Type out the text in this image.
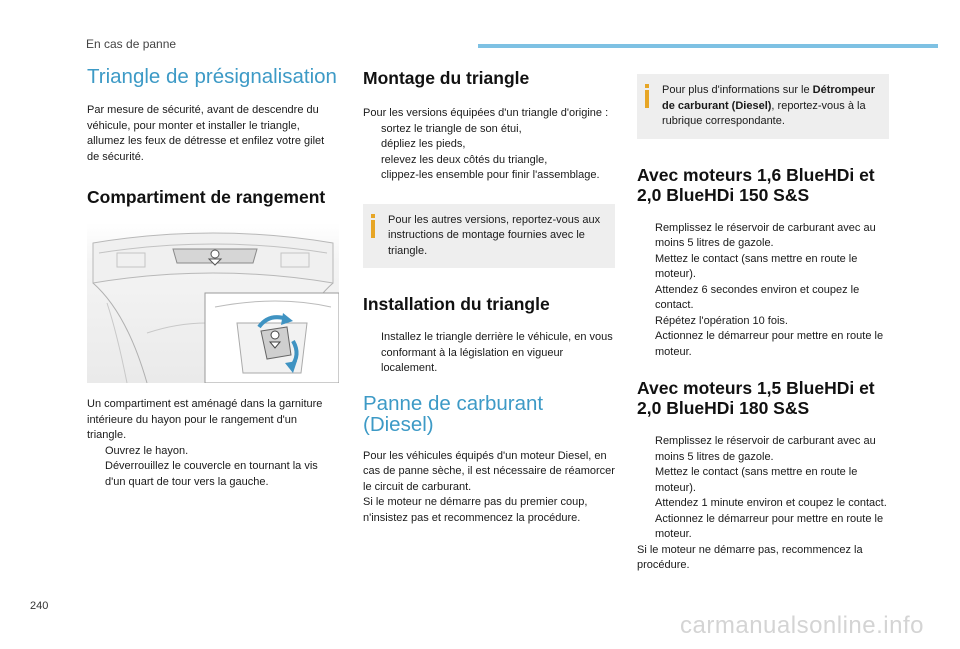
En cas de panne
Triangle de présignalisation

Par mesure de sécurité, avant de descendre du véhicule, pour monter et installer le triangle, allumez les feux de détresse et enfilez votre gilet de sécurité.

Compartiment de rangement

Un compartiment est aménagé dans la garniture intérieure du hayon pour le rangement d'un triangle.

Ouvrez le hayon.
Déverrouillez le couvercle en tournant la vis d'un quart de tour vers la gauche.
Montage du triangle

Pour les versions équipées d'un triangle d'origine :

sortez le triangle de son étui,
dépliez les pieds,
relevez les deux côtés du triangle,
clippez-les ensemble pour finir l'assemblage.

Pour les autres versions, reportez-vous aux instructions de montage fournies avec le triangle.

Installation du triangle
Installez le triangle derrière le véhicule, en vous conformant à la législation en vigueur localement.
Panne de carburant (Diesel)

Pour les véhicules équipés d'un moteur Diesel, en cas de panne sèche, il est nécessaire de réamorcer le circuit de carburant.

Si le moteur ne démarre pas du premier coup, n'insistez pas et recommencez la procédure.

Pour plus d'informations sur le Détrompeur de carburant (Diesel), reportez-vous à la rubrique correspondante.

Avec moteurs 1,6 BlueHDi et 2,0 BlueHDi 150 S&S
Remplissez le réservoir de carburant avec au moins 5 litres de gazole.
Mettez le contact (sans mettre en route le moteur).
Attendez 6 secondes environ et coupez le contact.
Répétez l'opération 10 fois.
Actionnez le démarreur pour mettre en route le moteur.
Avec moteurs 1,5 BlueHDi et 2,0 BlueHDi 180 S&S
Remplissez le réservoir de carburant avec au moins 5 litres de gazole.
Mettez le contact (sans mettre en route le moteur).
Attendez 1 minute environ et coupez le contact.
Actionnez le démarreur pour mettre en route le moteur.

Si le moteur ne démarre pas, recommencez la procédure.

240
carmanualsonline.info
